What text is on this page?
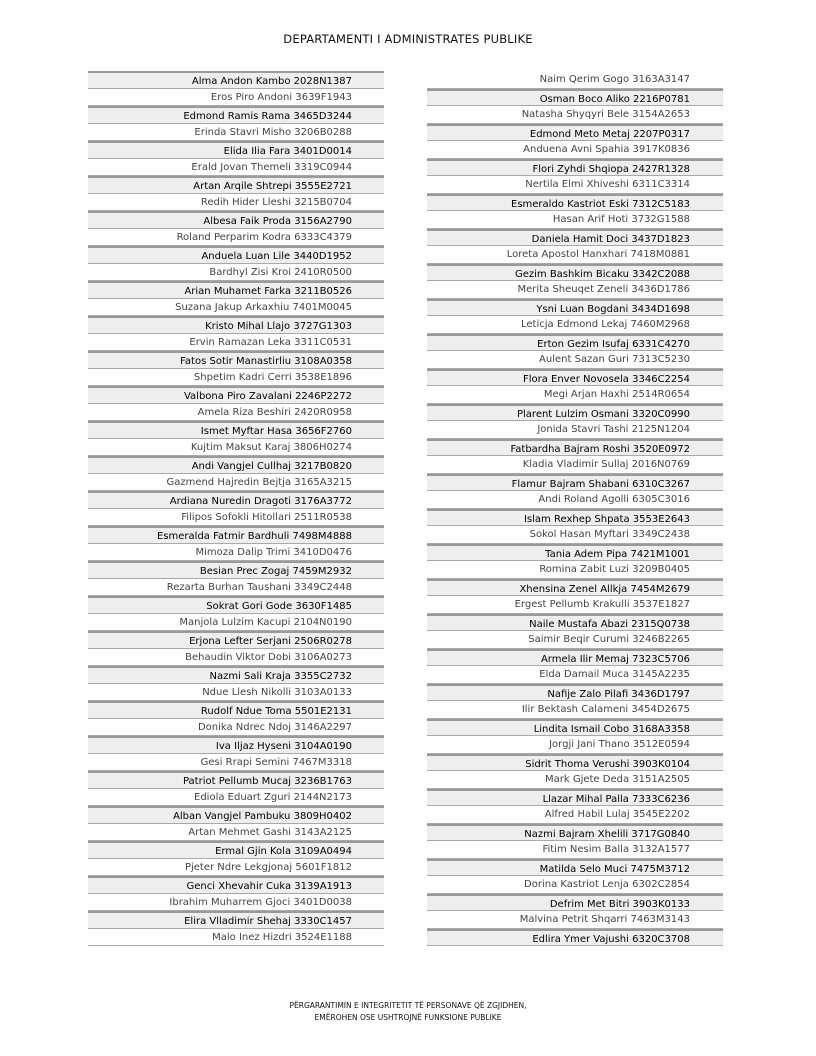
DEPARTAMENTI I ADMINISTRATES PUBLIKE
Alma Andon Kambo 2028N1387
Eros Piro Andoni 3639F1943
Edmond Ramis Rama 3465D3244
Erinda Stavri Misho 3206B0288
Elida Ilia Fara 3401D0014
Erald Jovan Themeli 3319C0944
Artan Arqile Shtrepi 3555E2721
Redih Hider Lleshi 3215B0704
Albesa Faik Proda 3156A2790
Roland Perparim Kodra 6333C4379
Anduela Luan Lile 3440D1952
Bardhyl Zisi Kroi 2410R0500
Arian Muhamet Farka 3211B0526
Suzana Jakup Arkaxhiu 7401M0045
Kristo Mihal Llajo 3727G1303
Ervin Ramazan Leka 3311C0531
Fatos Sotir Manastirliu 3108A0358
Shpetim Kadri Cerri 3538E1896
Valbona Piro Zavalani 2246P2272
Amela Riza Beshiri 2420R0958
Ismet Myftar Hasa 3656F2760
Kujtim Maksut Karaj 3806H0274
Andi Vangjel Cullhaj 3217B0820
Gazmend Hajredin Bejtja 3165A3215
Ardiana Nuredin Dragoti 3176A3772
Filipos Sofokli Hitollari 2511R0538
Esmeralda Fatmir Bardhuli 7498M4888
Mimoza Dalip Trimi 3410D0476
Besian Prec Zogaj 7459M2932
Rezarta Burhan Taushani 3349C2448
Sokrat Gori Gode 3630F1485
Manjola Lulzim Kacupi 2104N0190
Erjona Lefter Serjani 2506R0278
Behaudin Viktor Dobi 3106A0273
Nazmi Sali Kraja 3355C2732
Ndue Llesh Nikolli 3103A0133
Rudolf Ndue Toma 5501E2131
Donika Ndrec Ndoj 3146A2297
Iva Iljaz Hyseni 3104A0190
Gesi Rrapi Semini 7467M3318
Patriot Pellumb Mucaj 3236B1763
Ediola Eduart Zguri 2144N2173
Alban Vangjel Pambuku 3809H0402
Artan Mehmet Gashi 3143A2125
Ermal Gjin Kola 3109A0494
Pjeter Ndre Lekgjonaj 5601F1812
Genci Xhevahir Cuka 3139A1913
Ibrahim Muharrem Gjoci 3401D0038
Elira Vlladimir Shehaj 3330C1457
Malo Inez Hizdri 3524E1188
Naim Qerim Gogo 3163A3147
Osman Boco Aliko 2216P0781
Natasha Shyqyri Bele 3154A2653
Edmond Meto Metaj 2207P0317
Anduena Avni Spahia 3917K0836
Flori Zyhdi Shqiopa 2427R1328
Nertila Elmi Xhiveshi 6311C3314
Esmeraldo Kastriot Eski 7312C5183
Hasan Arif Hoti 3732G1588
Daniela Hamit Doci 3437D1823
Loreta Apostol Hanxhari 7418M0881
Gezim Bashkim Bicaku 3342C2088
Merita Sheuqet Zeneli 3436D1786
Ysni Luan Bogdani 3434D1698
Leticja Edmond Lekaj 7460M2968
Erton Gezim Isufaj 6331C4270
Aulent Sazan Guri 7313C5230
Flora Enver Novosela 3346C2254
Megi Arjan Haxhi 2514R0654
Plarent Lulzim Osmani 3320C0990
Jonida Stavri Tashi 2125N1204
Fatbardha Bajram Roshi 3520E0972
Kladia Vladimir Sullaj 2016N0769
Flamur Bajram Shabani 6310C3267
Andi Roland Agolli 6305C3016
Islam Rexhep Shpata 3553E2643
Sokol Hasan Myftari 3349C2438
Tania Adem Pipa 7421M1001
Romina Zabit Luzi 3209B0405
Xhensina Zenel Allkja 7454M2679
Ergest Pellumb Krakulli 3537E1827
Naile Mustafa Abazi 2315Q0738
Saimir Beqir Curumi 3246B2265
Armela Ilir Memaj 7323C5706
Elda Damail Muca 3145A2235
Nafije Zalo Pilafi 3436D1797
Ilir Bektash Calameni 3454D2675
Lindita Ismail Cobo 3168A3358
Jorgji Jani Thano 3512E0594
Sidrit Thoma Verushi 3903K0104
Mark Gjete Deda 3151A2505
Llazar Mihal Palla 7333C6236
Alfred Habil Lulaj 3545E2202
Nazmi Bajram Xhelili 3717G0840
Fitim Nesim Balla 3132A1577
Matilda Selo Muci 7475M3712
Dorina Kastriot Lenja 6302C2854
Defrim Met Bitri 3903K0133
Malvina Petrit Shqarri 7463M3143
Edlira Ymer Vajushi 6320C3708
PËRGARANTIMIN E INTEGRITETIT TË PERSONAVE QË ZGJIDHEN,
EMËROHEN OSE USHTROJNË FUNKSIONE PUBLIKE
